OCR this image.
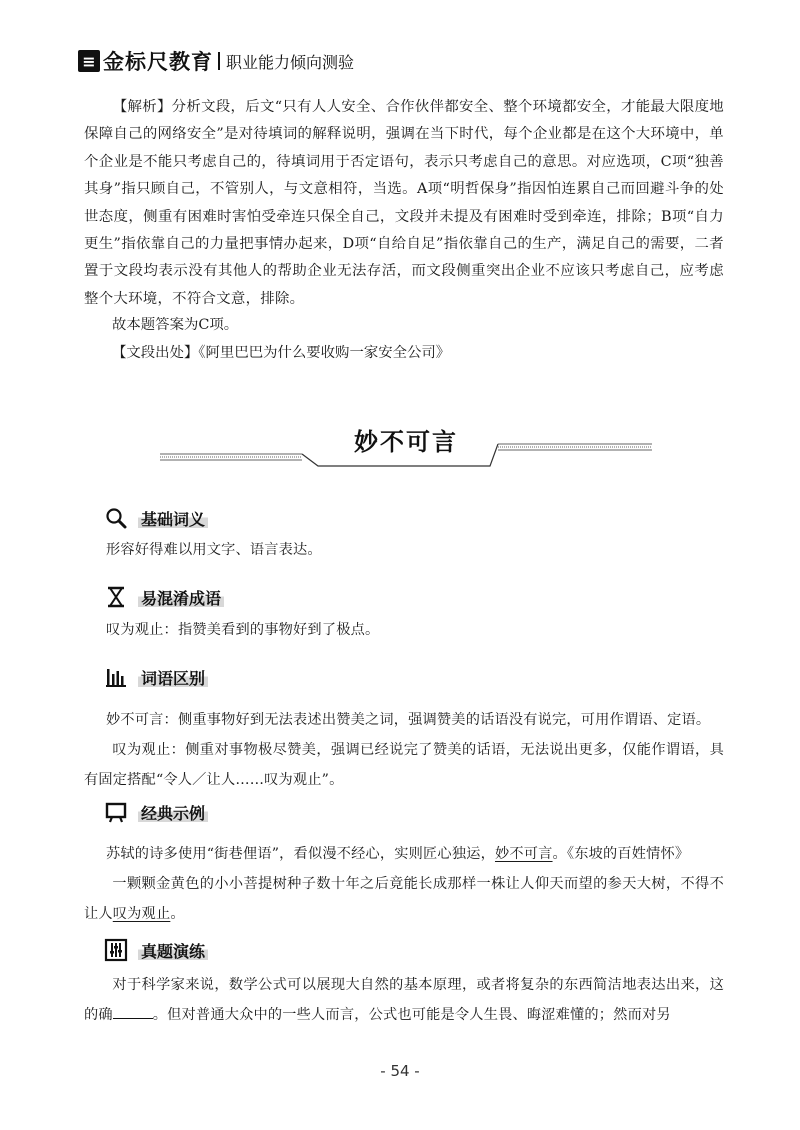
≡ 金标尺教育 职业能力倾向测验

【解析】分析文段，后文“只有人人安全、合作伙伴都安全、整个环境都安全，才能最大限度地保障自己的网络安全”是对待填词的解释说明，强调在当下时代，每个企业都是在这个大环境中，单个企业是不能只考虑自己的，待填词用于否定语句，表示只考虑自己的意思。对应选项，C项“独善其身”指只顾自己，不管别人，与文意相符，当选。A项“明哲保身”指因怕连累自己而回避斗争的处世态度，侧重有困难时害怕受牵连只保全自己，文段并未提及有困难时受到牵连，排除；B项“自力更生”指依靠自己的力量把事情办起来，D项“自给自足”指依靠自己的生产，满足自己的需要，二者置于文段均表示没有其他人的帮助企业无法存活，而文段侧重突出企业不应该只考虑自己，应考虑整个大环境，不符合文意，排除。

故本题答案为C项。
【文段出处】《阿里巴巴为什么要收购一家安全公司》
妙不可言
基础词义

形容好得难以用文字、语言表达。

易混淆成语

叹为观止：指赞美看到的事物好到了极点。

词语区别

妙不可言：侧重事物好到无法表述出赞美之词，强调赞美的话语没有说完，可用作谓语、定语。

叹为观止：侧重对事物极尽赞美，强调已经说完了赞美的话语，无法说出更多，仅能作谓语，具有固定搭配“令人／让人……叹为观止”。

经典示例

苏轼的诗多使用“街巷俚语”，看似漫不经心，实则匠心独运，妙不可言。《东坡的百姓情怀》

一颗颗金黄色的小小菩提树种子数十年之后竟能长成那样一株让人仰天而望的参天大树，不得不让人叹为观止。

真题演练

对于科学家来说，数学公式可以展现大自然的基本原理，或者将复杂的东西简洁地表达出来，这的确	。但对普通大众中的一些人而言，公式也可能是令人生畏、晦涩难懂的；然而对另

- 54 -
